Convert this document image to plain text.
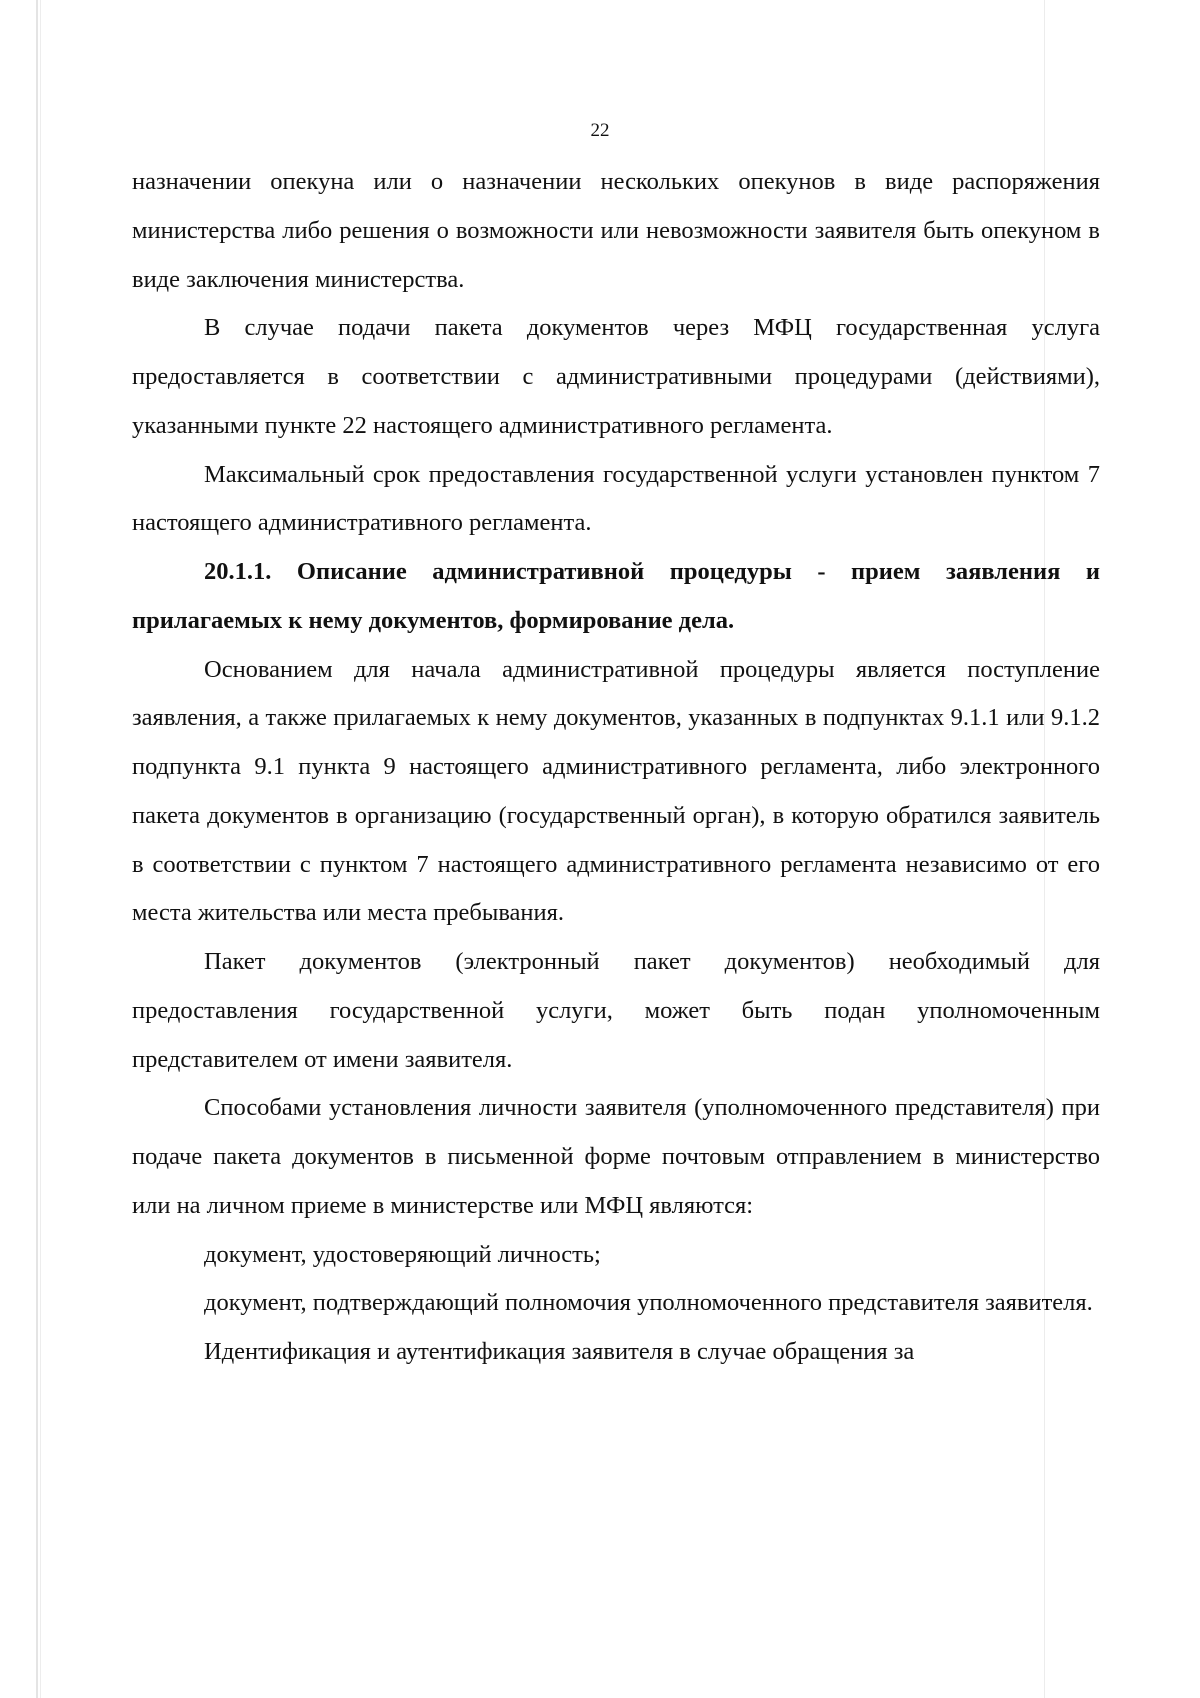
22

назначении опекуна или о назначении нескольких опекунов в виде распоряжения министерства либо решения о возможности или невозможности заявителя быть опекуном в виде заключения министерства.

В случае подачи пакета документов через МФЦ государственная услуга предоставляется в соответствии с административными процедурами (действиями), указанными пункте 22 настоящего административного регламента.

Максимальный срок предоставления государственной услуги установлен пунктом 7 настоящего административного регламента.

20.1.1. Описание административной процедуры - прием заявления и прилагаемых к нему документов, формирование дела.

Основанием для начала административной процедуры является поступление заявления, а также прилагаемых к нему документов, указанных в подпунктах 9.1.1 или 9.1.2 подпункта 9.1 пункта 9 настоящего административного регламента, либо электронного пакета документов в организацию (государственный орган), в которую обратился заявитель в соответствии с пунктом 7 настоящего административного регламента независимо от его места жительства или места пребывания.

Пакет документов (электронный пакет документов) необходимый для предоставления государственной услуги, может быть подан уполномоченным представителем от имени заявителя.

Способами установления личности заявителя (уполномоченного представителя) при подаче пакета документов в письменной форме почтовым отправлением в министерство или на личном приеме в министерстве или МФЦ являются:

документ, удостоверяющий личность;

документ, подтверждающий полномочия уполномоченного представителя заявителя.

Идентификация и аутентификация заявителя в случае обращения за
